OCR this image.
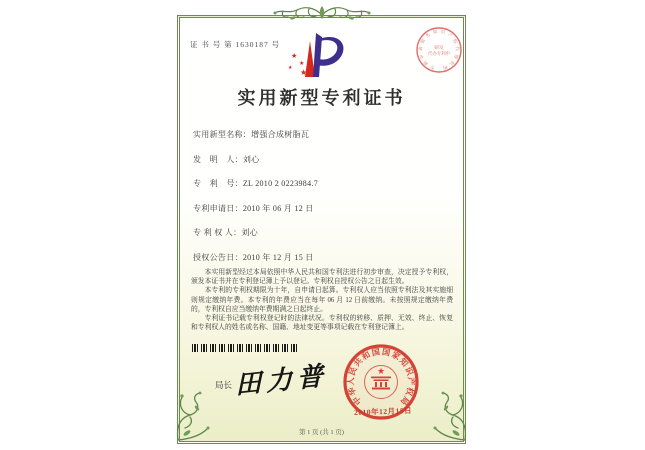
证 书 号 第 1630187 号
专
利
申
请
服
务 知 识 产
权
代
理
机
构
研发
代办专利申
★
★
★ ★ ★
实用新型专利证书
实用新型名称：增强合成树脂瓦
发　明　人：刘心
专　利　号：ZL 2010 2 0223984.7
专利申请日：2010 年 06 月 12 日
专 利 权 人：刘心
授权公告日：2010 年 12 月 15 日

本实用新型经过本局依照中华人民共和国专利法进行初步审查，决定授予专利权，颁发本证书并在专利登记簿上予以登记。专利权自授权公告之日起生效。

本专利的专利权期限为十年，自申请日起算。专利权人应当依照专利法及其实施细则规定缴纳年费。本专利的年费应当在每年 06 月 12 日前缴纳。未按照规定缴纳年费的，专利权自应当缴纳年费期满之日起终止。

专利证书记载专利权登记时的法律状况。专利权的转移、质押、无效、终止、恢复和专利权人的姓名或名称、国籍、地址变更等事项记载在专利登记簿上。

局长 田力普
中
华
人
民
共
和 国 国 家
知
识
产
权
局
★
2010年12月15日
第 1 页 (共 1 页)
